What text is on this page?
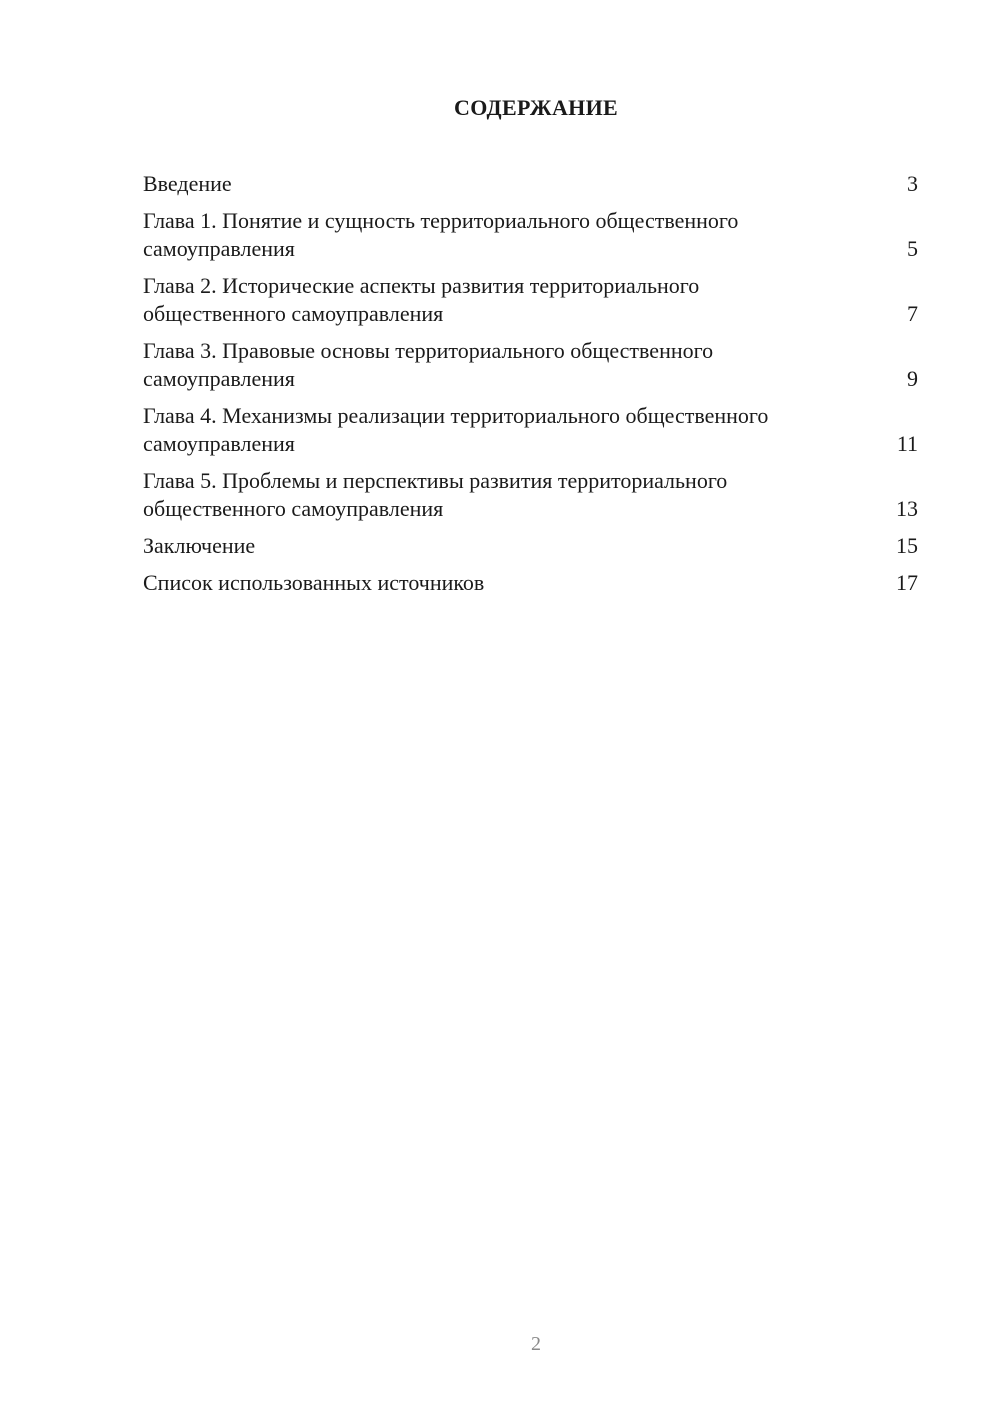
СОДЕРЖАНИЕ
Введение	3
Глава 1. Понятие и сущность территориального общественного самоуправления	5
Глава 2. Исторические аспекты развития территориального общественного самоуправления	7
Глава 3. Правовые основы территориального общественного самоуправления	9
Глава 4. Механизмы реализации территориального общественного самоуправления	11
Глава 5. Проблемы и перспективы развития территориального общественного самоуправления	13
Заключение	15
Список использованных источников	17
2
